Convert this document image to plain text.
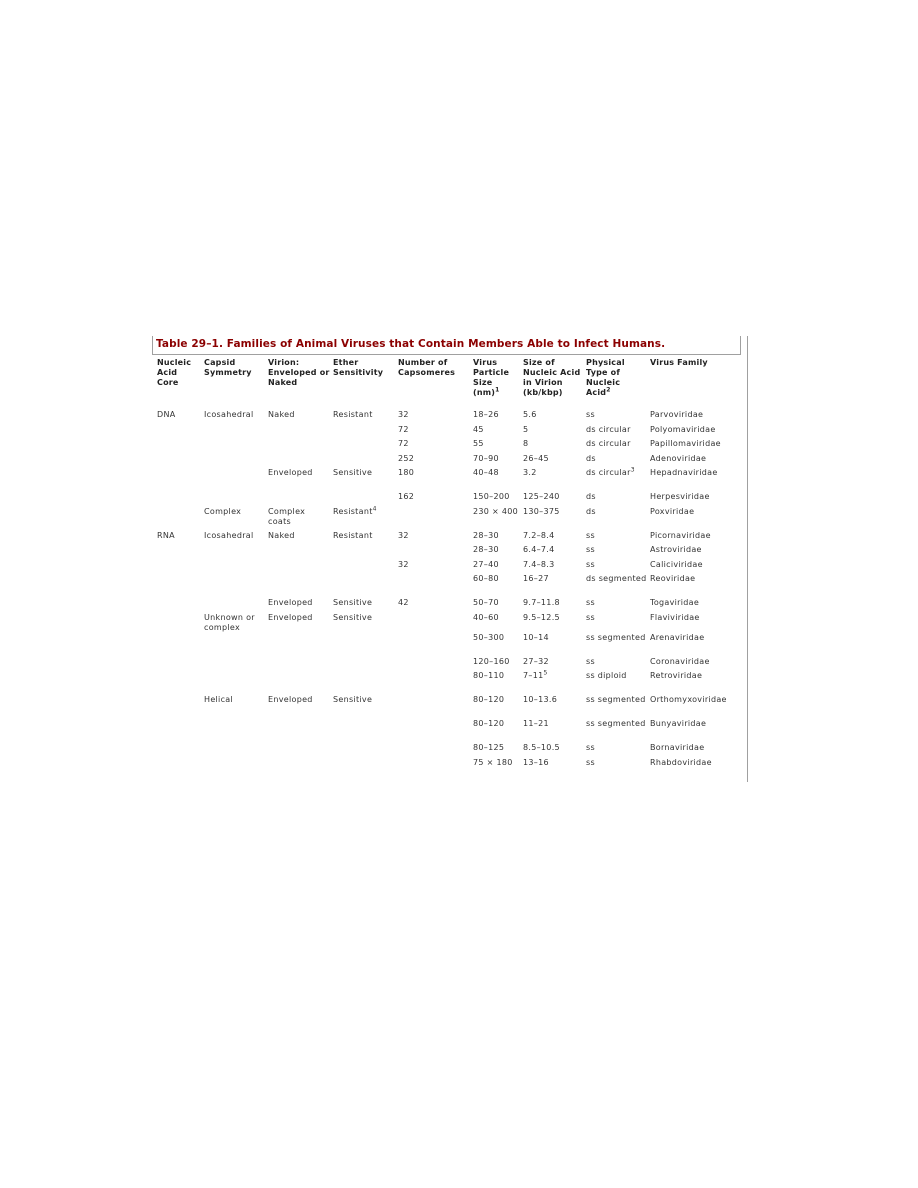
Table 29–1. Families of Animal Viruses that Contain Members Able to Infect Humans.
Nucleic Acid Core	Capsid Symmetry	Virion: Enveloped or Naked	Ether Sensitivity	Number of Capsomeres	Virus Particle Size (nm)$^1$	Size of Nucleic Acid in Virion (kb/kbp)	Physical Type of Nucleic Acid$^2$	Virus Family
DNA	Icosahedral	Naked	Resistant	32	18–26	5.6	ss	Parvoviridae
				72	45	5	ds circular	Polyomaviridae
				72	55	8	ds circular	Papillomaviridae
				252	70–90	26–45	ds	Adenoviridae
		Enveloped	Sensitive	180	40–48	3.2	ds circular$^3$	Hepadnaviridae
				162	150–200	125–240	ds	Herpesviridae
	Complex	Complex coats	Resistant$^4$		230 × 400	130–375	ds	Poxviridae
RNA	Icosahedral	Naked	Resistant	32	28–30	7.2–8.4	ss	Picornaviridae
					28–30	6.4–7.4	ss	Astroviridae
				32	27–40	7.4–8.3	ss	Caliciviridae
					60–80	16–27	ds segmented	Reoviridae
		Enveloped	Sensitive	42	50–70	9.7–11.8	ss	Togaviridae
	Unknown or complex	Enveloped	Sensitive		40–60	9.5–12.5	ss	Flaviviridae
					50–300	10–14	ss segmented	Arenaviridae
					120–160	27–32	ss	Coronaviridae
					80–110	$7-11^5$	ss diploid	Retroviridae
	Helical	Enveloped	Sensitive		80–120	10–13.6	ss segmented	Orthomyxoviridae
					80–120	11–21	ss segmented	Bunyaviridae
					80–125	8.5–10.5	ss	Bornaviridae
					75 × 180	13–16	ss	Rhabdoviridae
